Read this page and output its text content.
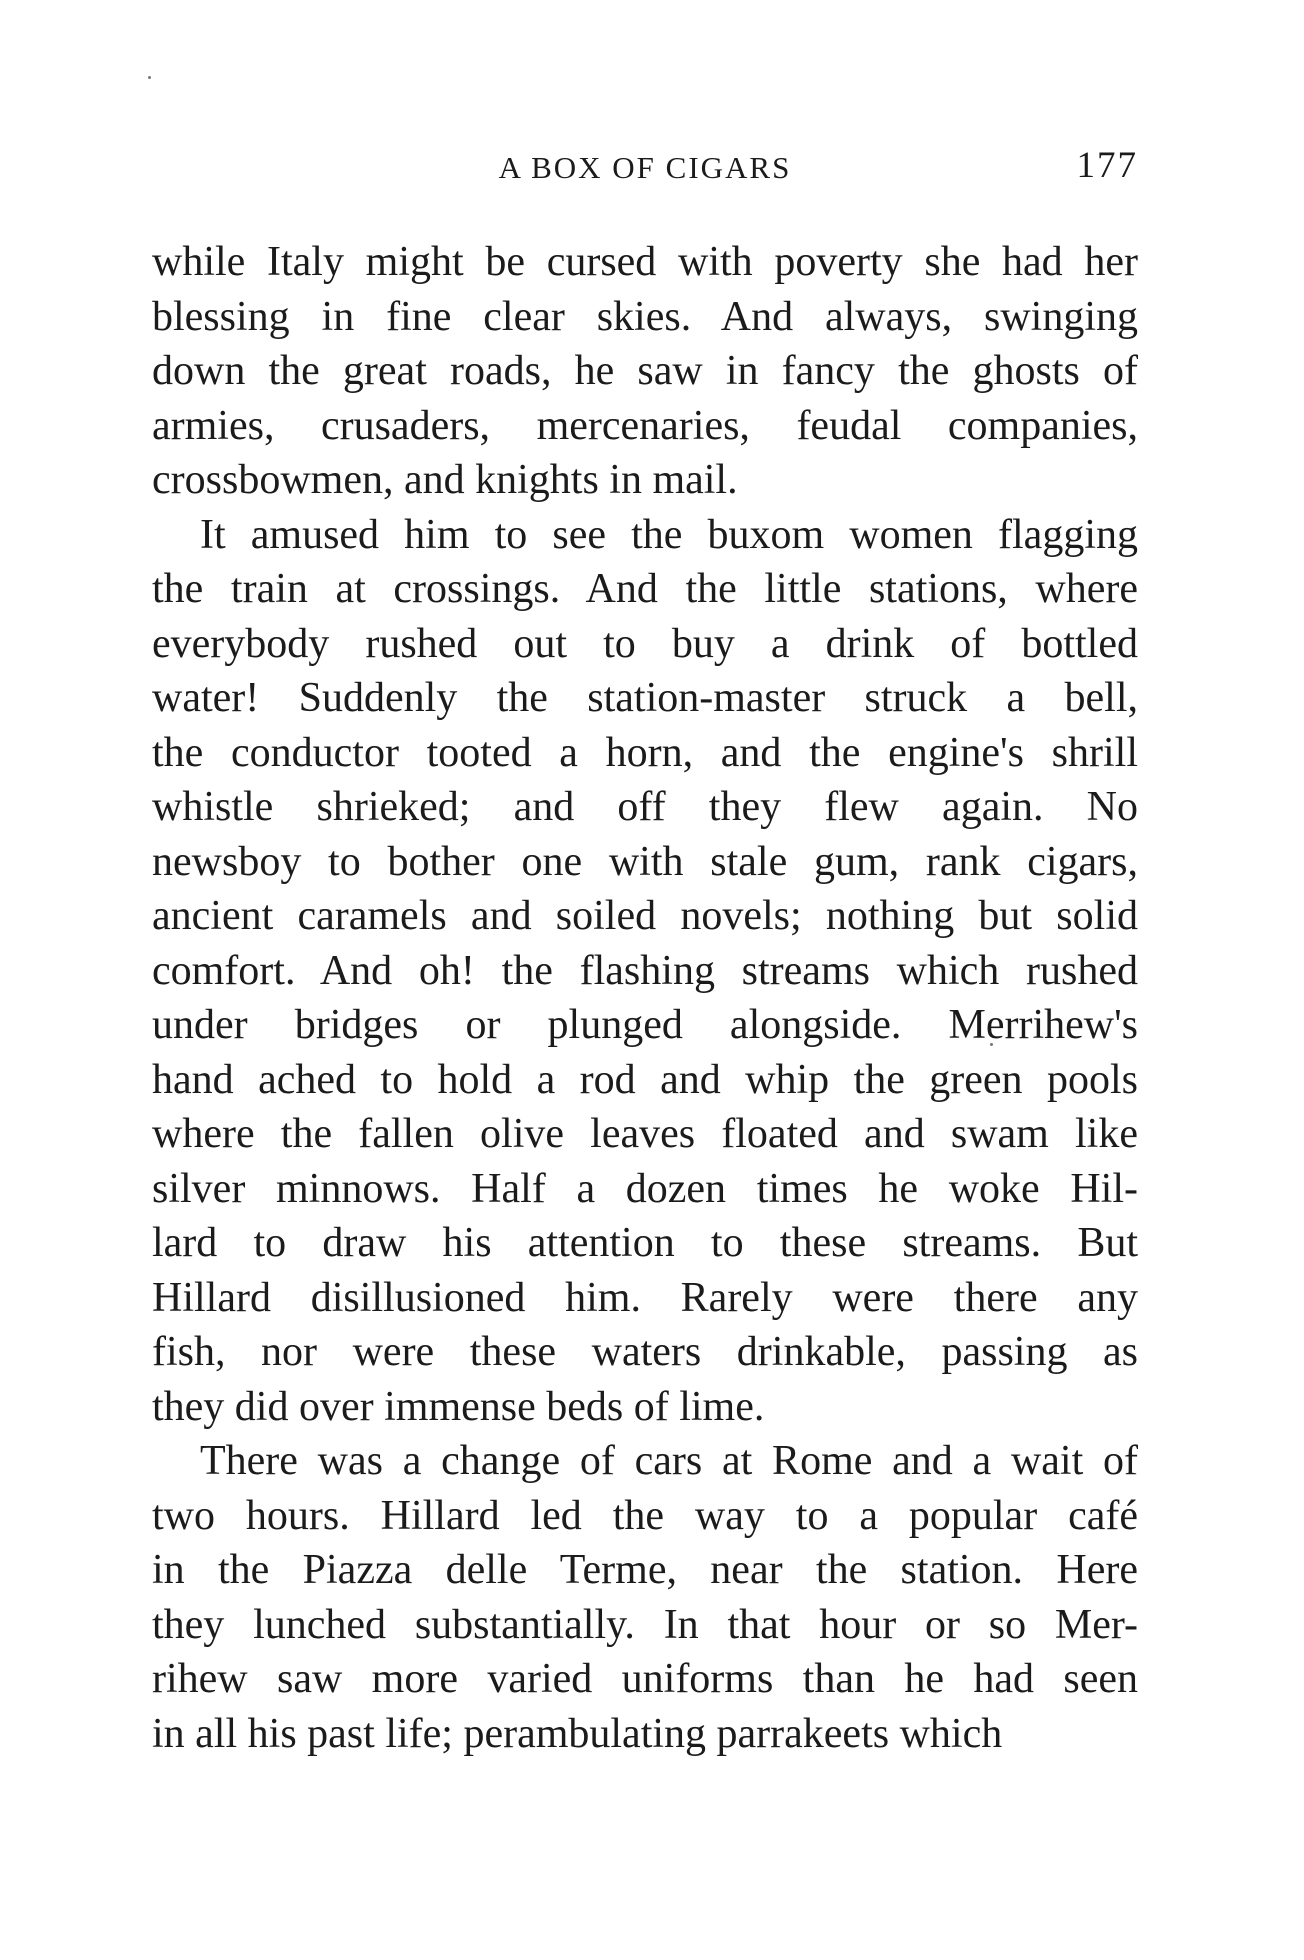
A BOX OF CIGARS	177
while Italy might be cursed with poverty she had her
blessing in fine clear skies. And always, swinging
down the great roads, he saw in fancy the ghosts of
armies, crusaders, mercenaries, feudal companies,
crossbowmen, and knights in mail.
It amused him to see the buxom women flagging
the train at crossings. And the little stations, where
everybody rushed out to buy a drink of bottled
water! Suddenly the station-master struck a bell,
the conductor tooted a horn, and the engine's shrill
whistle shrieked; and off they flew again. No
newsboy to bother one with stale gum, rank cigars,
ancient caramels and soiled novels; nothing but solid
comfort. And oh! the flashing streams which rushed
under bridges or plunged alongside. Merrihew's
hand ached to hold a rod and whip the green pools
where the fallen olive leaves floated and swam like
silver minnows. Half a dozen times he woke Hil-
lard to draw his attention to these streams. But
Hillard disillusioned him. Rarely were there any
fish, nor were these waters drinkable, passing as
they did over immense beds of lime.
There was a change of cars at Rome and a wait of
two hours. Hillard led the way to a popular café
in the Piazza delle Terme, near the station. Here
they lunched substantially. In that hour or so Mer-
rihew saw more varied uniforms than he had seen
in all his past life; perambulating parrakeets which
